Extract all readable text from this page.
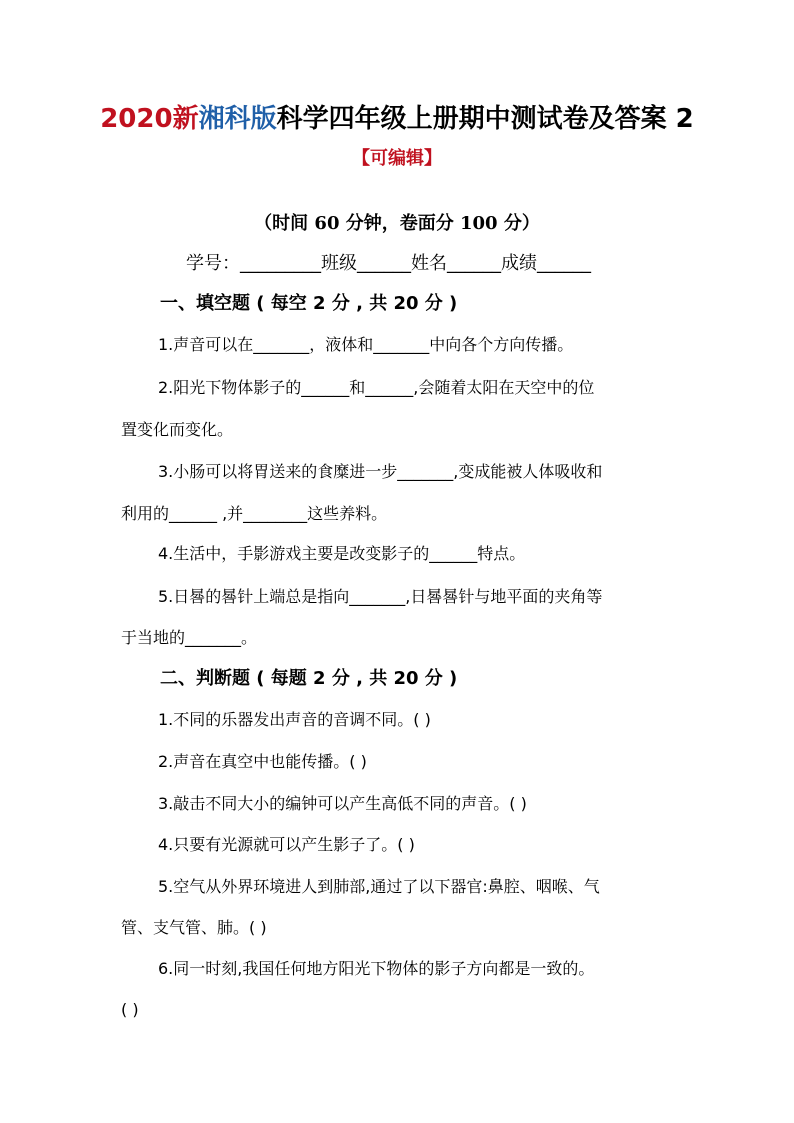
2020新湘科版科学四年级上册期中测试卷及答案 2
【可编辑】
（时间 60 分钟，卷面分 100 分）
学号：_________班级______姓名______成绩______
一、填空题 ( 每空 2 分 , 共 20 分 )
1.声音可以在_______，液体和_______中向各个方向传播。
2.阳光下物体影子的______和______,会随着太阳在天空中的位
置变化而变化。
3.小肠可以将胃送来的食糜进一步_______,变成能被人体吸收和
利用的______ ,并________这些养料。
4.生活中，手影游戏主要是改变影子的______特点。
5.日晷的晷针上端总是指向_______,日晷晷针与地平面的夹角等
于当地的_______。
二、判断题 ( 每题 2 分 , 共 20 分 )
1.不同的乐器发出声音的音调不同。( )
2.声音在真空中也能传播。( )
3.敲击不同大小的编钟可以产生高低不同的声音。( )
4.只要有光源就可以产生影子了。( )
5.空气从外界环境进人到肺部,通过了以下器官:鼻腔、咽喉、气
管、支气管、肺。( )
6.同一时刻,我国任何地方阳光下物体的影子方向都是一致的。
( )
